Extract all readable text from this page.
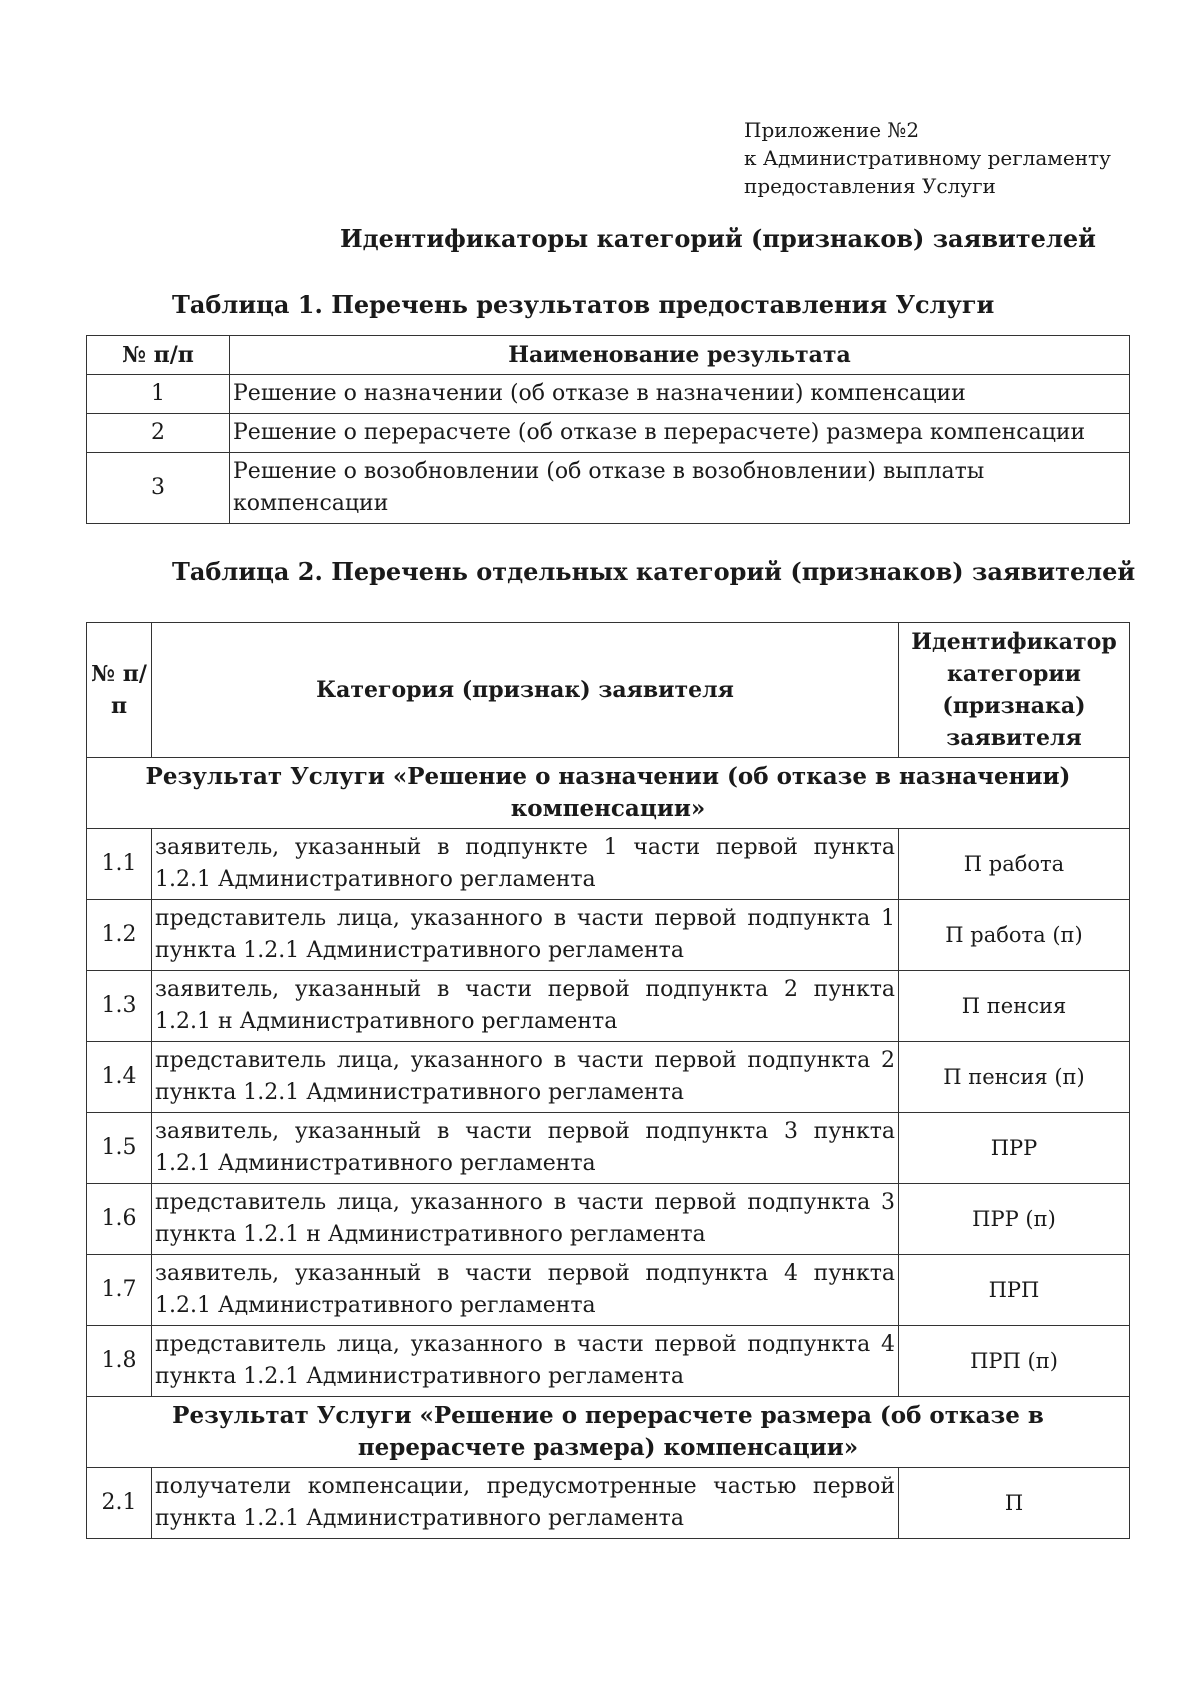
Приложение №2
к Административному регламенту
предоставления Услуги
Идентификаторы категорий (признаков) заявителей
Таблица 1. Перечень результатов предоставления Услуги
№ п/п	Наименование результата
1	Решение о назначении (об отказе в назначении) компенсации
2	Решение о перерасчете (об отказе в перерасчете) размера компенсации
3	Решение о возобновлении (об отказе в возобновлении) выплаты компенсации
Таблица 2. Перечень отдельных категорий (признаков) заявителей
№ п/п	Категория (признак) заявителя	Идентификатор категории (признака) заявителя
Результат Услуги «Решение о назначении (об отказе в назначении) компенсации»		
1.1	заявитель, указанный в подпункте 1 части первой пункта 1.2.1 Административного регламента	П работа
1.2	представитель лица, указанного в части первой подпункта 1 пункта 1.2.1 Административного регламента	П работа (п)
1.3	заявитель, указанный в части первой подпункта 2 пункта 1.2.1 н Административного регламента	П пенсия
1.4	представитель лица, указанного в части первой подпункта 2 пункта 1.2.1 Административного регламента	П пенсия (п)
1.5	заявитель, указанный в части первой подпункта 3 пункта 1.2.1 Административного регламента	ПРР
1.6	представитель лица, указанного в части первой подпункта 3 пункта 1.2.1 н Административного регламента	ПРР (п)
1.7	заявитель, указанный в части первой подпункта 4 пункта 1.2.1 Административного регламента	ПРП
1.8	представитель лица, указанного в части первой подпункта 4 пункта 1.2.1 Административного регламента	ПРП (п)
Результат Услуги «Решение о перерасчете размера (об отказе в перерасчете размера) компенсации»		
2.1	получатели компенсации, предусмотренные частью первой пункта 1.2.1 Административного регламента	П
